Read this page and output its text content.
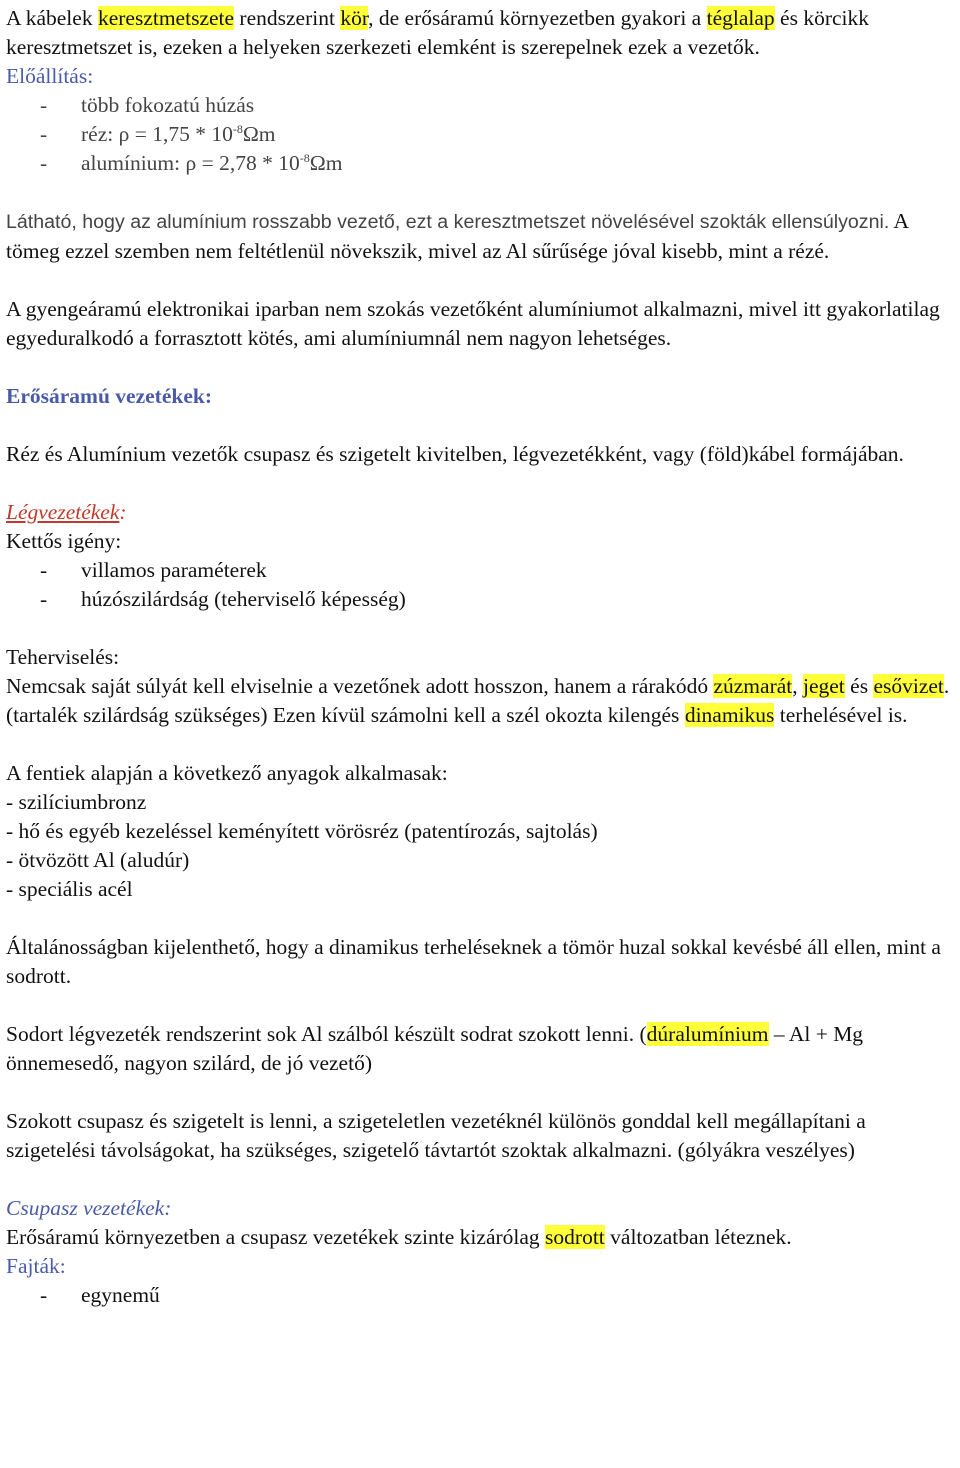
A kábelek keresztmetszete rendszerint kör, de erősáramú környezetben gyakori a téglalap és körcikk keresztmetszet is, ezeken a helyeken szerkezeti elemként is szerepelnek ezek a vezetők.

Előállítás:

- több fokozatú húzás

- réz: $\rho = 1,75 * 10^{-8}\Omega m$

- alumínium: $\rho = 2,78 * 10^{-8}\Omega m$

Látható, hogy az alumínium rosszabb vezető, ezt a keresztmetszet növelésével szokták ellensúlyozni. A tömeg ezzel szemben nem feltétlenül növekszik, mivel az Al sűrűsége jóval kisebb, mint a rézé.

A gyengeáramú elektronikai iparban nem szokás vezetőként alumíniumot alkalmazni, mivel itt gyakorlatilag egyeduralkodó a forrasztott kötés, ami alumíniumnál nem nagyon lehetséges.

Erősáramú vezetékek:

Réz és Alumínium vezetők csupasz és szigetelt kivitelben, légvezetékként, vagy (föld)kábel formájában.

Légvezetékek:

Kettős igény:

- villamos paraméterek

- húzószilárdság (teherviselő képesség)

Teherviselés:

Nemcsak saját súlyát kell elviselnie a vezetőnek adott hosszon, hanem a rárakódó zúzmarát, jeget és esővizet. (tartalék szilárdság szükséges) Ezen kívül számolni kell a szél okozta kilengés dinamikus terhelésével is.

A fentiek alapján a következő anyagok alkalmasak:

- szilíciumbronz

- hő és egyéb kezeléssel keményített vörösréz (patentírozás, sajtolás)

- ötvözött Al (aludúr)

- speciális acél

Általánosságban kijelenthető, hogy a dinamikus terheléseknek a tömör huzal sokkal kevésbé áll ellen, mint a sodrott.

Sodort légvezeték rendszerint sok Al szálból készült sodrat szokott lenni. (dúralumínium – Al + Mg önnemesedő, nagyon szilárd, de jó vezető)

Szokott csupasz és szigetelt is lenni, a szigeteletlen vezetéknél különös gonddal kell megállapítani a szigetelési távolságokat, ha szükséges, szigetelő távtartót szoktak alkalmazni. (gólyákra veszélyes)

Csupasz vezetékek:

Erősáramú környezetben a csupasz vezetékek szinte kizárólag sodrott változatban léteznek.

Fajták:

- egynemű
